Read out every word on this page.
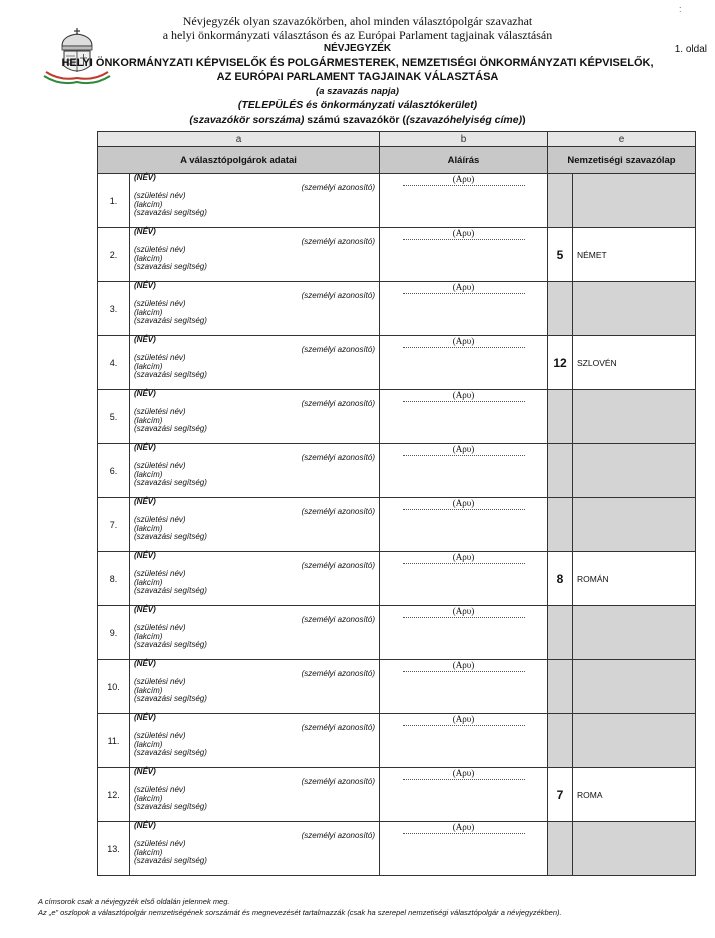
:
Névjegyzék olyan szavazókörben, ahol minden választópolgár szavazhat
a helyi önkormányzati választáson és az Európai Parlament tagjainak választásán
1. oldal
NÉVJEGYZÉK
HELYI ÖNKORMÁNYZATI KÉPVISELŐK ÉS POLGÁRMESTEREK, NEMZETISÉGI ÖNKORMÁNYZATI KÉPVISELŐK,
AZ EURÓPAI PARLAMENT TAGJAINAK VÁLASZTÁSA
(a szavazás napja)
(TELEPÜLÉS és önkormányzati választókerület)
(szavazókör sorszáma) számú szavazókör ((szavazóhelyiség címe))
a		b	e	
A választópolgárok adatai		Aláírás	Nemzetiségi szavazólap	
1.	(NÉV)
(személyi azonosító)
(születési név)
(lakcím)
(szavazási segítség)	(Aρυ)

2.	(NÉV)
(személyi azonosító)
(születési név)
(lakcím)
(szavazási segítség)	(Aρυ)	5	NÉMET
3.	(NÉV)
(személyi azonosító)
(születési név)
(lakcím)
(szavazási segítség)	(Aρυ)

4.	(NÉV)
(személyi azonosító)
(születési név)
(lakcím)
(szavazási segítség)	(Aρυ)	12	SZLOVÉN
5.	(NÉV)
(személyi azonosító)
(születési név)
(lakcím)
(szavazási segítség)	(Aρυ)

6.	(NÉV)
(személyi azonosító)
(születési név)
(lakcím)
(szavazási segítség)	(Aρυ)

7.	(NÉV)
(személyi azonosító)
(születési név)
(lakcím)
(szavazási segítség)	(Aρυ)

8.	(NÉV)
(személyi azonosító)
(születési név)
(lakcím)
(szavazási segítség)	(Aρυ)	8	ROMÁN
9.	(NÉV)
(személyi azonosító)
(születési név)
(lakcím)
(szavazási segítség)	(Aρυ)

10.	(NÉV)
(személyi azonosító)
(születési név)
(lakcím)
(szavazási segítség)	(Aρυ)

11.	(NÉV)
(személyi azonosító)
(születési név)
(lakcím)
(szavazási segítség)	(Aρυ)

12.	(NÉV)
(személyi azonosító)
(születési név)
(lakcím)
(szavazási segítség)	(Aρυ)	7	ROMA
13.	(NÉV)
(személyi azonosító)
(születési név)
(lakcím)
(szavazási segítség)	(Aρυ)

A címsorok csak a névjegyzék első oldalán jelennek meg.
Az „e” oszlopok a választópolgár nemzetiségének sorszámát és megnevezését tartalmazzák (csak ha szerepel nemzetiségi választópolgár a névjegyzékben).
